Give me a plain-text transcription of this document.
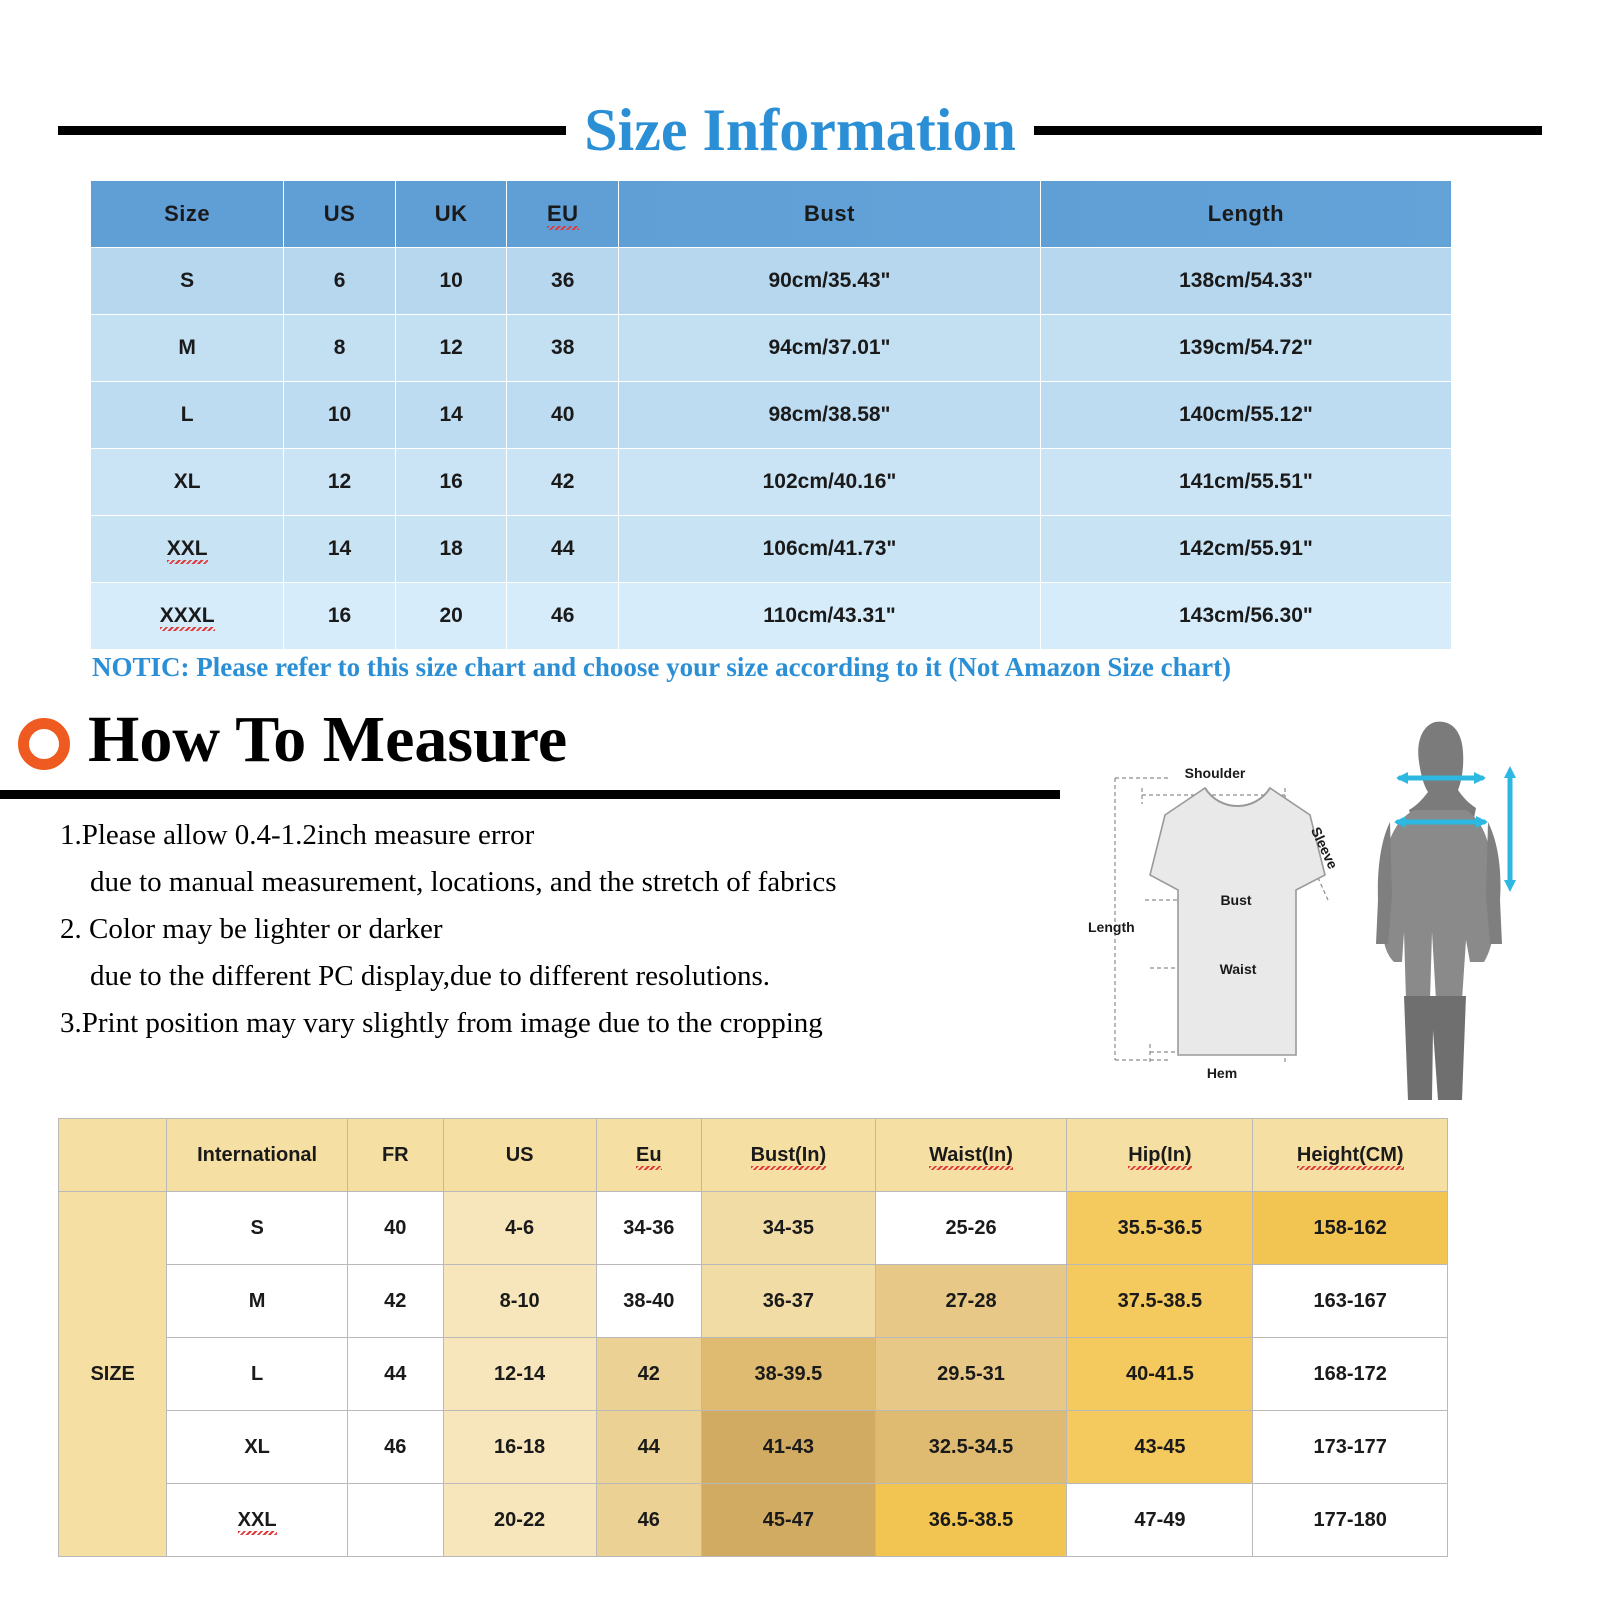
Size Information
Size	US	UK	EU	Bust	Length
S	6	10	36	90cm/35.43"	138cm/54.33"
M	8	12	38	94cm/37.01"	139cm/54.72"
L	10	14	40	98cm/38.58"	140cm/55.12"
XL	12	16	42	102cm/40.16"	141cm/55.51"
XXL	14	18	44	106cm/41.73"	142cm/55.91"
XXXL	16	20	46	110cm/43.31"	143cm/56.30"
NOTIC: Please refer to this size chart and choose your size according to it (Not Amazon Size chart)
How To Measure
1.Please allow 0.4-1.2inch measure error
due to manual measurement, locations, and the stretch of fabrics
2. Color may be lighter or darker
due to the different PC display,due to different resolutions.
3.Print position may vary slightly from image due to the cropping
Shoulder
Bust
Length
Waist
Hem
Sleeve
	International	FR	US	Eu	Bust(In)	Waist(In)	Hip(In)	Height(CM)
SIZE	S	40	4-6	34-36	34-35	25-26	35.5-36.5	158-162
	M	42	8-10	38-40	36-37	27-28	37.5-38.5	163-167
	L	44	12-14	42	38-39.5	29.5-31	40-41.5	168-172
	XL	46	16-18	44	41-43	32.5-34.5	43-45	173-177
	XXL		20-22	46	45-47	36.5-38.5	47-49	177-180
